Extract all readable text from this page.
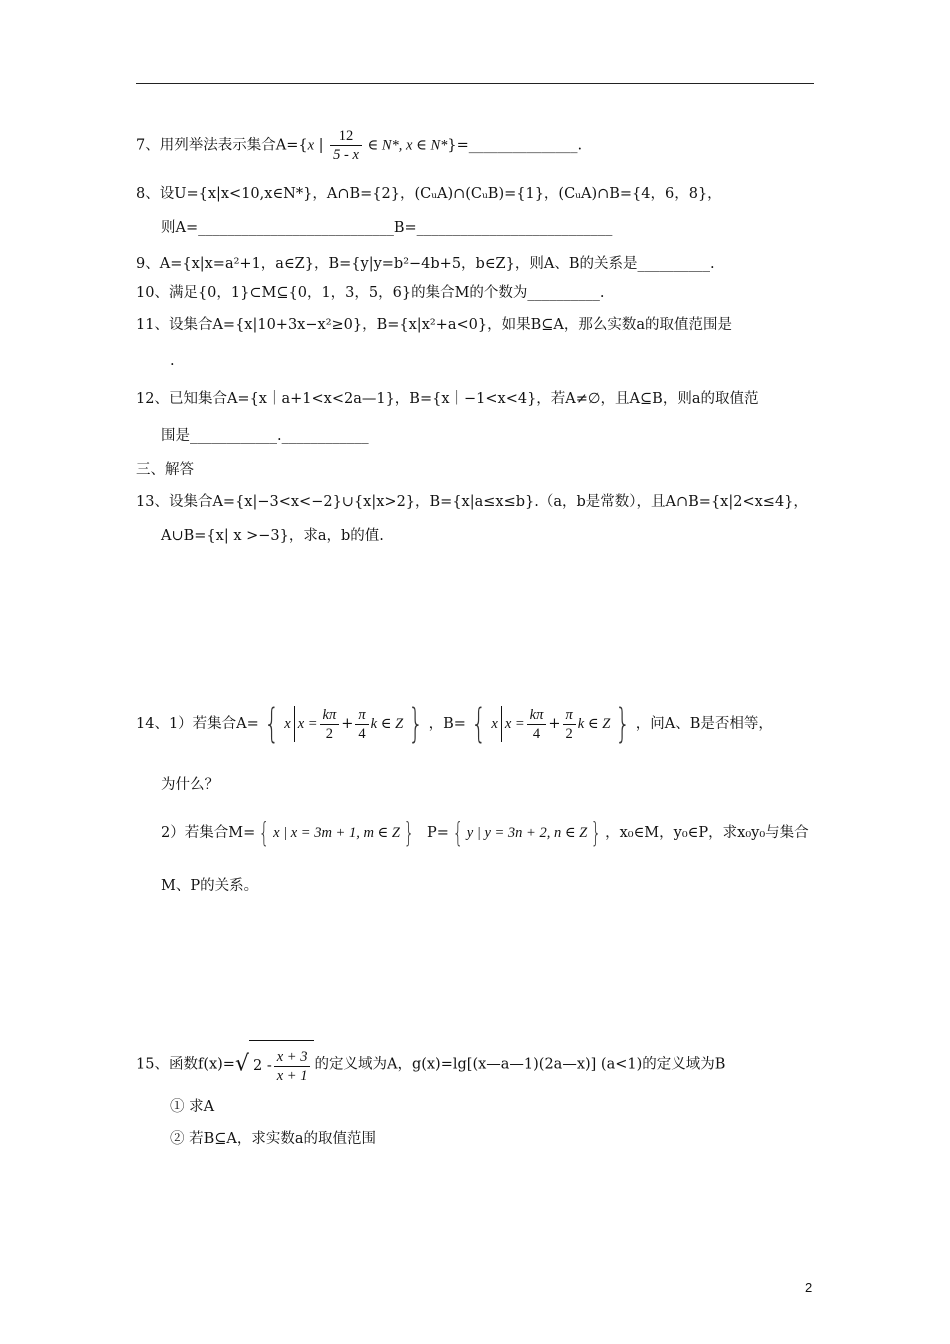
7、用列举法表示集合A={x | $\frac{12}{5 - x}$ ∈ N*, x ∈ N*}=_______________.
8、设U={x|x<10,x∈N*}，A∩B={2}，(CᵤA)∩(CᵤB)={1}，(CᵤA)∩B={4，6，8}，
则A=___________________________B=___________________________
9、A={x|x=a²+1，a∈Z}，B={y|y=b²−4b+5，b∈Z}，则A、B的关系是__________.
10、满足{0，1}⊂M⊆{0，1，3，5，6}的集合M的个数为__________.
11、设集合A={x|10+3x−x²≥0}，B={x|x²+a<0}，如果B⊆A，那么实数a的取值范围是
.
12、已知集合A={x｜a+1<x<2a—1}，B={x｜−1<x<4}，若A≠∅，且A⊆B，则a的取值范
围是____________.____________
三、解答
13、设集合A={x|−3<x<−2}∪{x|x>2}，B={x|a≤x≤b}.（a，b是常数），且A∩B={x|2<x≤4}，
A∪B={x| x >−3}，求a，b的值.
14、1）若集合A= { x $x = \frac{k\pi}{2} + \frac{\pi}{4}$ k ∈ Z } ，B= { x $x = \frac{k\pi}{4} + \frac{\pi}{2}$ k ∈ Z } ，问A、B是否相等，
为什么？
2）若集合M= { x | x = 3m + 1, m ∈ Z } P= { y | y = 3n + 2, n ∈ Z } ，x₀∈M，y₀∈P，求x₀y₀与集合
M、P的关系。
15、函数f(x)=√ $2 - \frac{x + 3}{x + 1}$ 的定义域为A，g(x)=lg[(x—a—1)(2a—x)] (a<1)的定义域为B
① 求A
② 若B⊆A，求实数a的取值范围
2
